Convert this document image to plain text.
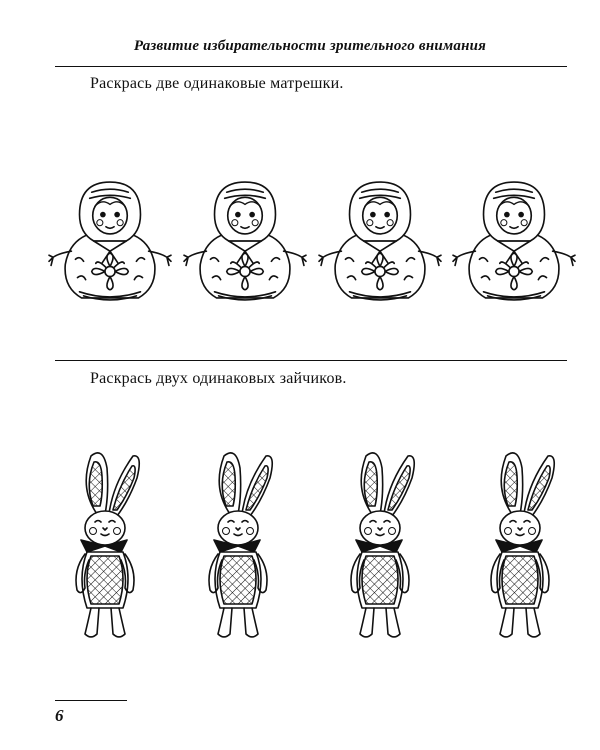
Развитие избирательности зрительного внимания
Раскрась две одинаковые матрешки.
Раскрась двух одинаковых зайчиков.
6
